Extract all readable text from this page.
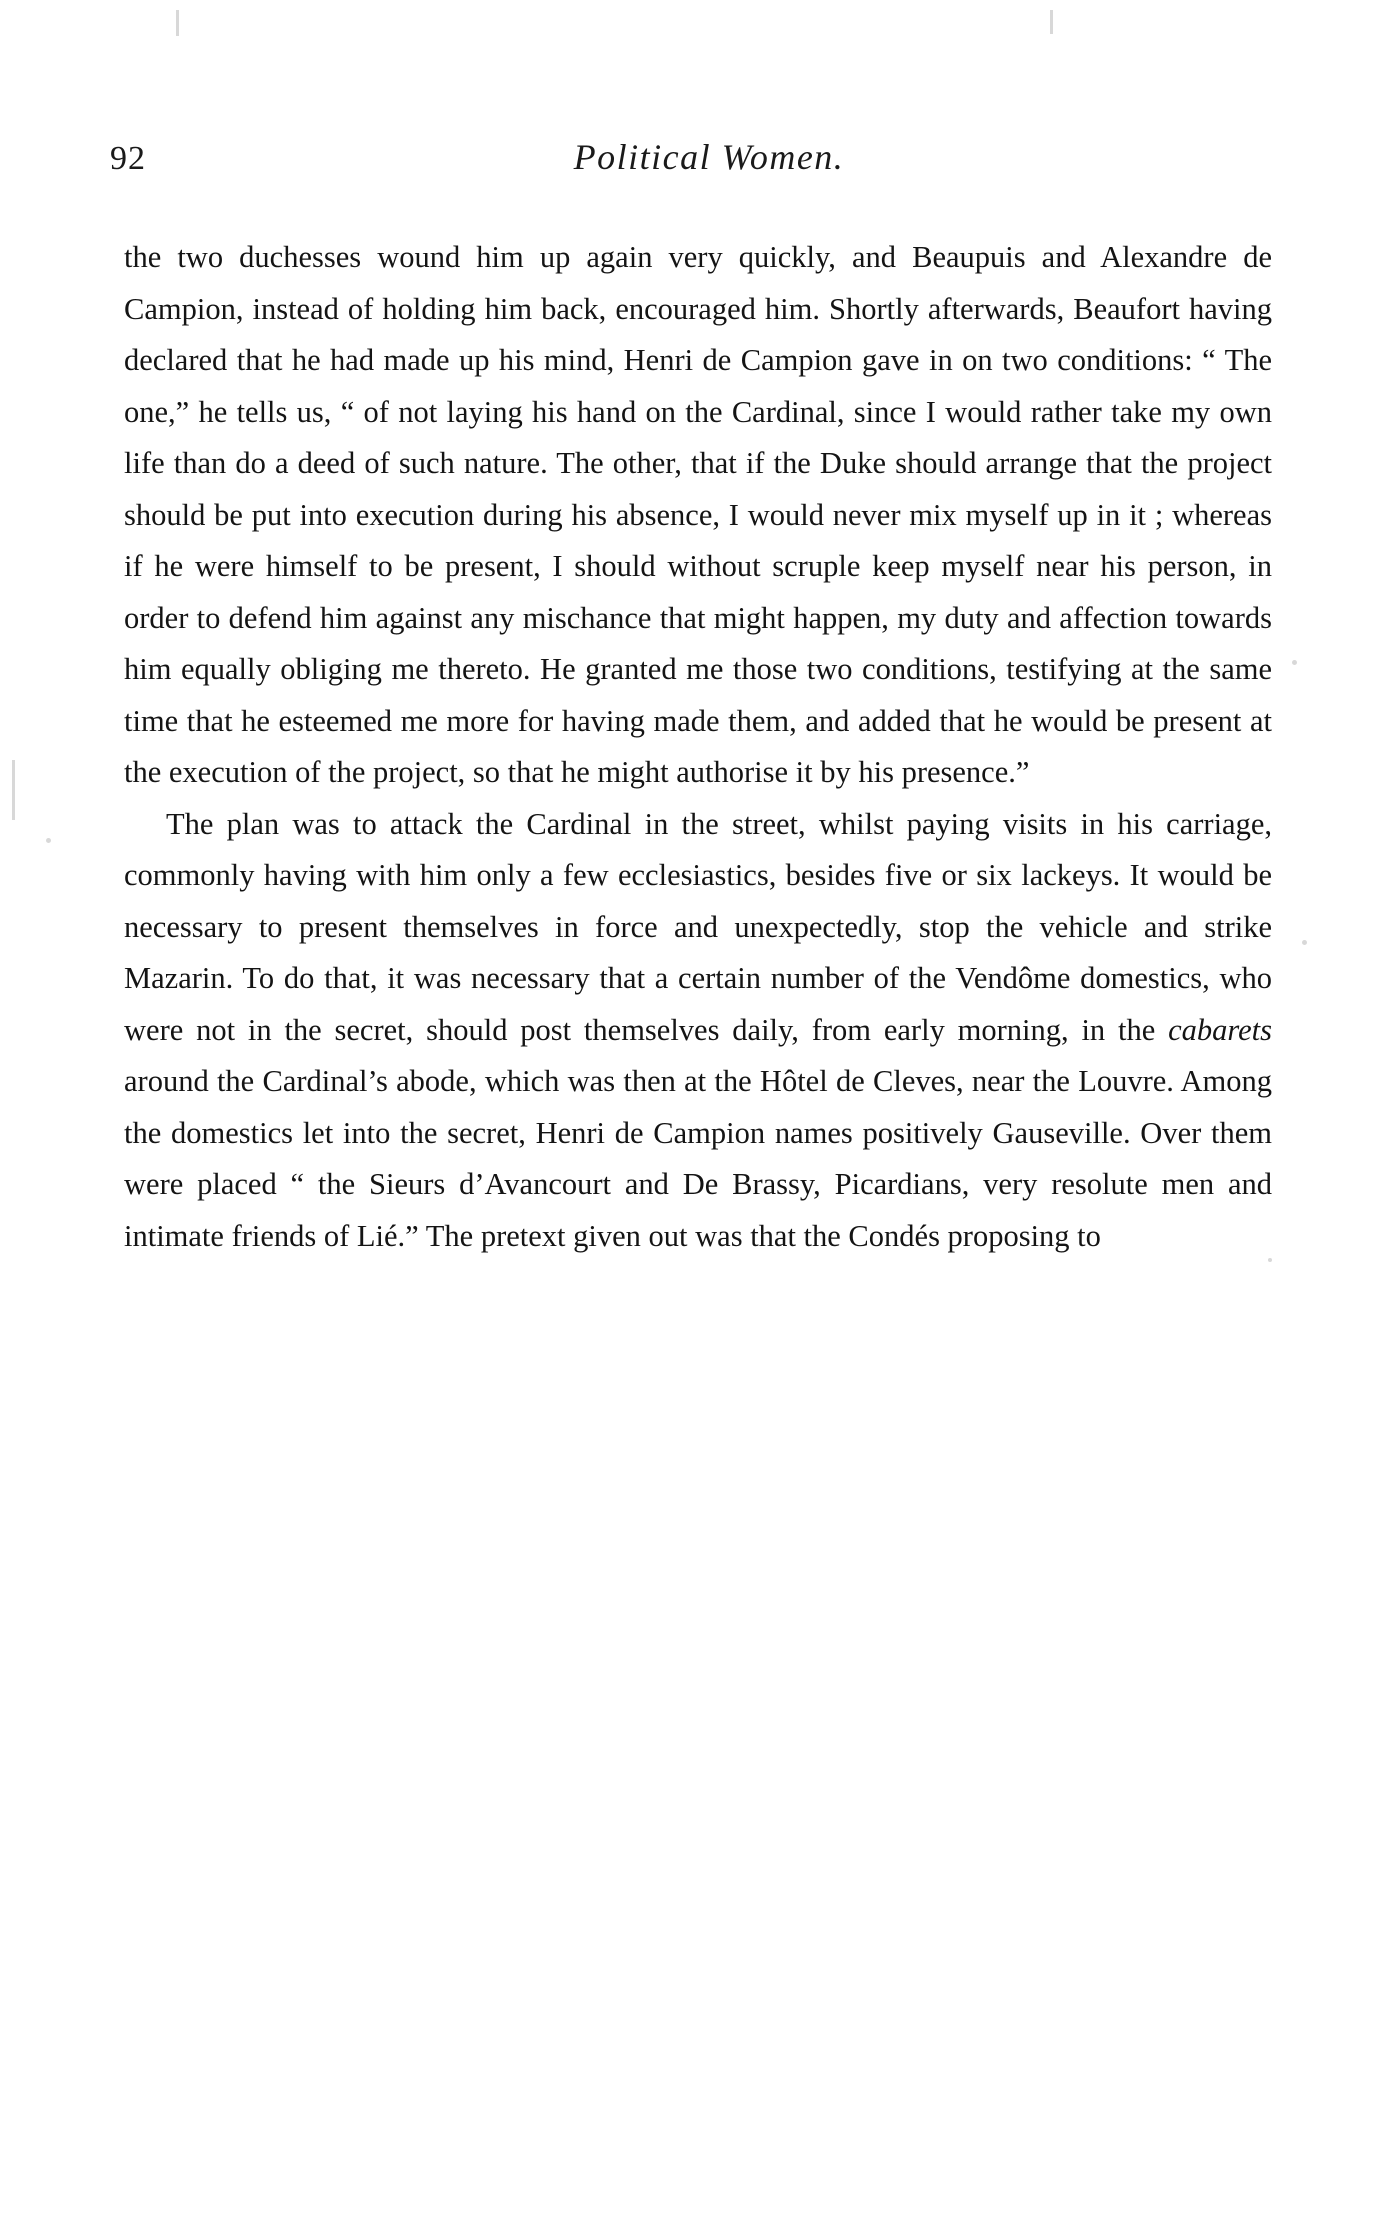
92	Political Women.

the two duchesses wound him up again very quickly, and Beaupuis and Alexandre de Campion, instead of holding him back, encouraged him. Shortly afterwards, Beaufort having declared that he had made up his mind, Henri de Campion gave in on two conditions: “ The one,” he tells us, “ of not laying his hand on the Cardinal, since I would rather take my own life than do a deed of such nature. The other, that if the Duke should arrange that the project should be put into execution during his absence, I would never mix myself up in it ; whereas if he were himself to be present, I should without scruple keep myself near his person, in order to defend him against any mischance that might happen, my duty and affection towards him equally obliging me thereto. He granted me those two conditions, testifying at the same time that he esteemed me more for having made them, and added that he would be present at the execution of the project, so that he might authorise it by his presence.”

The plan was to attack the Cardinal in the street, whilst paying visits in his carriage, commonly having with him only a few ecclesiastics, besides five or six lackeys. It would be necessary to present themselves in force and unexpectedly, stop the vehicle and strike Mazarin. To do that, it was necessary that a certain number of the Vendôme domestics, who were not in the secret, should post themselves daily, from early morning, in the cabarets around the Cardinal’s abode, which was then at the Hôtel de Cleves, near the Louvre. Among the domestics let into the secret, Henri de Campion names positively Gauseville. Over them were placed “ the Sieurs d’Avancourt and De Brassy, Picardians, very resolute men and intimate friends of Lié.” The pretext given out was that the Condés proposing to
